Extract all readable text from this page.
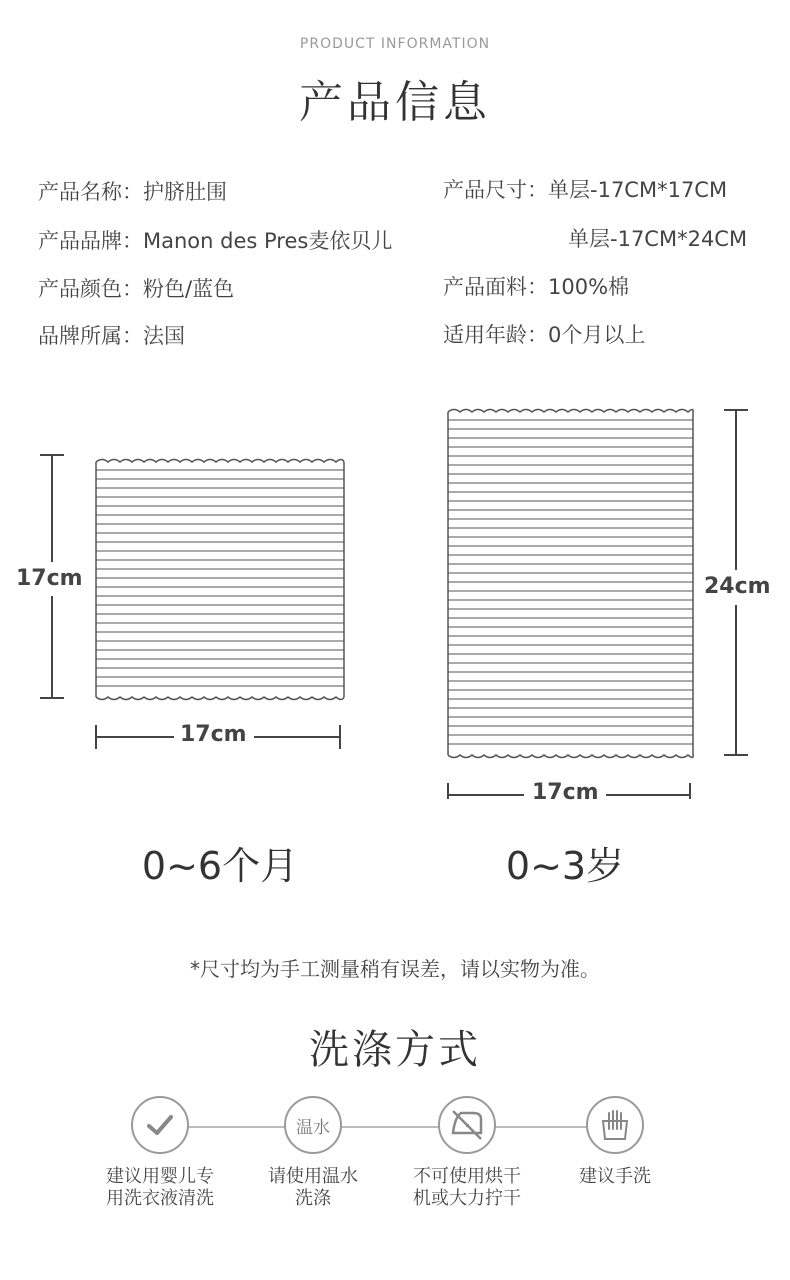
PRODUCT INFORMATION
产品信息
产品名称：护脐肚围
产品品牌：Manon des Pres麦依贝儿
产品颜色：粉色/蓝色
品牌所属：法国
产品尺寸：单层-17CM*17CM
单层-17CM*24CM
产品面料：100%棉
适用年龄：0个月以上
17cm
17cm
24cm
17cm
0~6个月	0~3岁
*尺寸均为手工测量稍有误差，请以实物为准。
洗涤方式
温水
建议用婴儿专
用洗衣液清洗
请使用温水
洗涤
不可使用烘干
机或大力拧干
建议手洗
